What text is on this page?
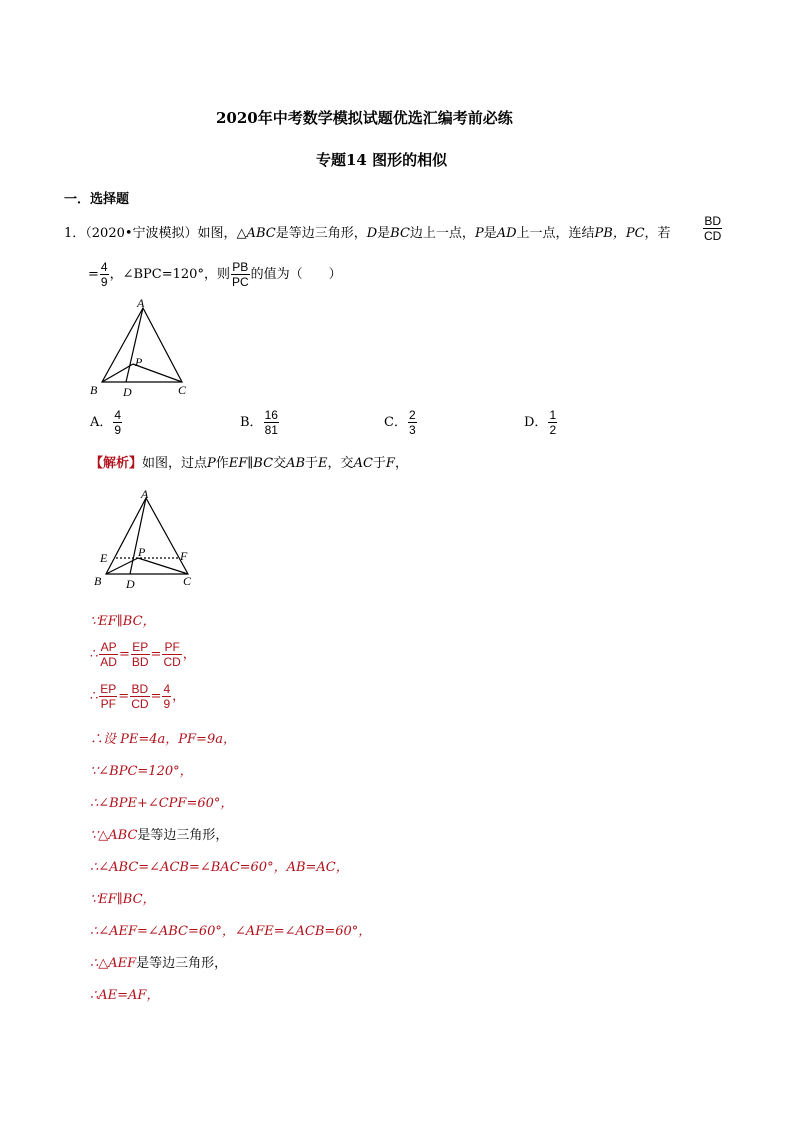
2020年中考数学模拟试题优选汇编考前必练
专题14 图形的相似
一．选择题
1．（2020•宁波模拟）如图，△ABC是等边三角形，D是BC边上一点，P是AD上一点，连结PB，PC，若	$\frac{BD}{CD}$
= $\frac{4}{9}$ ，∠BPC=120°，则 $\frac{PB}{PC}$ 的值为（　　）
A
P
B D	C
A． $\frac{4}{9}$	B． $\frac{16}{81}$	C． $\frac{2}{3}$	D． $\frac{1}{2}$
【解析】如图，过点P作EF∥BC交AB于E，交AC于F，
A
E	P	F
B D	C
∵EF∥BC，
∴ $\frac{AP}{AD} = \frac{EP}{BD} = \frac{PF}{CD}$ ，
∴ $\frac{EP}{PF} = \frac{BD}{CD} = \frac{4}{9}$ ，
∴设 PE=4a，PF=9a，
∵∠BPC=120°，
∴∠BPE+∠CPF=60°，
∵△ABC是等边三角形，
∴∠ABC=∠ACB=∠BAC=60°，AB=AC，
∵EF∥BC，
∴∠AEF=∠ABC=60°，∠AFE=∠ACB=60°，
∴△AEF是等边三角形，
∴AE=AF，
